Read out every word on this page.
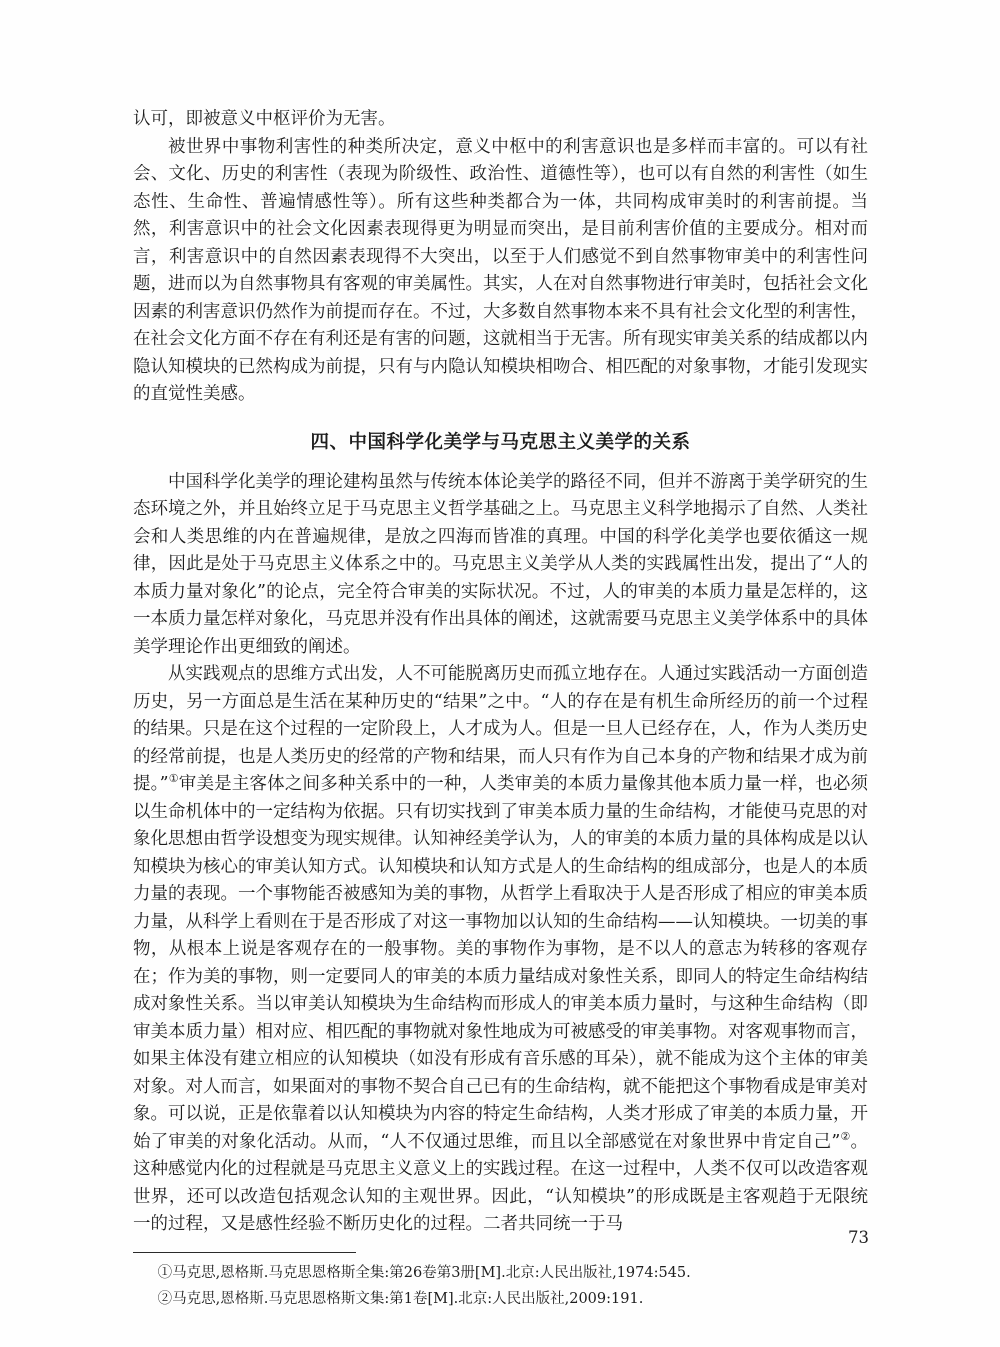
认可，即被意义中枢评价为无害。

被世界中事物利害性的种类所决定，意义中枢中的利害意识也是多样而丰富的。可以有社会、文化、历史的利害性（表现为阶级性、政治性、道德性等），也可以有自然的利害性（如生态性、生命性、普遍情感性等）。所有这些种类都合为一体，共同构成审美时的利害前提。当然，利害意识中的社会文化因素表现得更为明显而突出，是目前利害价值的主要成分。相对而言，利害意识中的自然因素表现得不大突出，以至于人们感觉不到自然事物审美中的利害性问题，进而以为自然事物具有客观的审美属性。其实，人在对自然事物进行审美时，包括社会文化因素的利害意识仍然作为前提而存在。不过，大多数自然事物本来不具有社会文化型的利害性，在社会文化方面不存在有利还是有害的问题，这就相当于无害。所有现实审美关系的结成都以内隐认知模块的已然构成为前提，只有与内隐认知模块相吻合、相匹配的对象事物，才能引发现实的直觉性美感。

四、中国科学化美学与马克思主义美学的关系

中国科学化美学的理论建构虽然与传统本体论美学的路径不同，但并不游离于美学研究的生态环境之外，并且始终立足于马克思主义哲学基础之上。马克思主义科学地揭示了自然、人类社会和人类思维的内在普遍规律，是放之四海而皆准的真理。中国的科学化美学也要依循这一规律，因此是处于马克思主义体系之中的。马克思主义美学从人类的实践属性出发，提出了“人的本质力量对象化”的论点，完全符合审美的实际状况。不过，人的审美的本质力量是怎样的，这一本质力量怎样对象化，马克思并没有作出具体的阐述，这就需要马克思主义美学体系中的具体美学理论作出更细致的阐述。

从实践观点的思维方式出发，人不可能脱离历史而孤立地存在。人通过实践活动一方面创造历史，另一方面总是生活在某种历史的“结果”之中。“人的存在是有机生命所经历的前一个过程的结果。只是在这个过程的一定阶段上，人才成为人。但是一旦人已经存在，人，作为人类历史的经常前提，也是人类历史的经常的产物和结果，而人只有作为自己本身的产物和结果才成为前提。”①审美是主客体之间多种关系中的一种，人类审美的本质力量像其他本质力量一样，也必须以生命机体中的一定结构为依据。只有切实找到了审美本质力量的生命结构，才能使马克思的对象化思想由哲学设想变为现实规律。认知神经美学认为，人的审美的本质力量的具体构成是以认知模块为核心的审美认知方式。认知模块和认知方式是人的生命结构的组成部分，也是人的本质力量的表现。一个事物能否被感知为美的事物，从哲学上看取决于人是否形成了相应的审美本质力量，从科学上看则在于是否形成了对这一事物加以认知的生命结构——认知模块。一切美的事物，从根本上说是客观存在的一般事物。美的事物作为事物，是不以人的意志为转移的客观存在；作为美的事物，则一定要同人的审美的本质力量结成对象性关系，即同人的特定生命结构结成对象性关系。当以审美认知模块为生命结构而形成人的审美本质力量时，与这种生命结构（即审美本质力量）相对应、相匹配的事物就对象性地成为可被感受的审美事物。对客观事物而言，如果主体没有建立相应的认知模块（如没有形成有音乐感的耳朵），就不能成为这个主体的审美对象。对人而言，如果面对的事物不契合自己已有的生命结构，就不能把这个事物看成是审美对象。可以说，正是依靠着以认知模块为内容的特定生命结构，人类才形成了审美的本质力量，开始了审美的对象化活动。从而，“人不仅通过思维，而且以全部感觉在对象世界中肯定自己”②。这种感觉内化的过程就是马克思主义意义上的实践过程。在这一过程中，人类不仅可以改造客观世界，还可以改造包括观念认知的主观世界。因此，“认知模块”的形成既是主客观趋于无限统一的过程，又是感性经验不断历史化的过程。二者共同统一于马

①马克思,恩格斯.马克思恩格斯全集:第26卷第3册[M].北京:人民出版社,1974:545.

②马克思,恩格斯.马克思恩格斯文集:第1卷[M].北京:人民出版社,2009:191.

73
